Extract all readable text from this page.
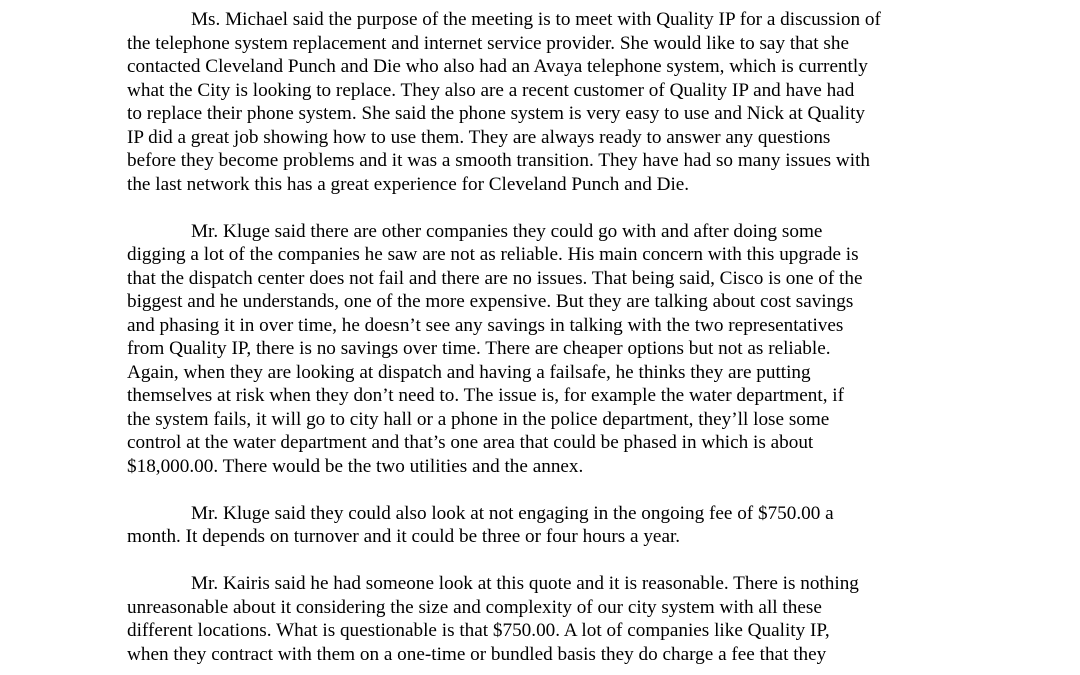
Ms. Michael said the purpose of the meeting is to meet with Quality IP for a discussion of
the telephone system replacement and internet service provider. She would like to say that she
contacted Cleveland Punch and Die who also had an Avaya telephone system, which is currently
what the City is looking to replace. They also are a recent customer of Quality IP and have had
to replace their phone system. She said the phone system is very easy to use and Nick at Quality
IP did a great job showing how to use them. They are always ready to answer any questions
before they become problems and it was a smooth transition. They have had so many issues with
the last network this has a great experience for Cleveland Punch and Die.
Mr. Kluge said there are other companies they could go with and after doing some
digging a lot of the companies he saw are not as reliable. His main concern with this upgrade is
that the dispatch center does not fail and there are no issues. That being said, Cisco is one of the
biggest and he understands, one of the more expensive. But they are talking about cost savings
and phasing it in over time, he doesn’t see any savings in talking with the two representatives
from Quality IP, there is no savings over time. There are cheaper options but not as reliable.
Again, when they are looking at dispatch and having a failsafe, he thinks they are putting
themselves at risk when they don’t need to. The issue is, for example the water department, if
the system fails, it will go to city hall or a phone in the police department, they’ll lose some
control at the water department and that’s one area that could be phased in which is about
$18,000.00. There would be the two utilities and the annex.
Mr. Kluge said they could also look at not engaging in the ongoing fee of $750.00 a
month. It depends on turnover and it could be three or four hours a year.
Mr. Kairis said he had someone look at this quote and it is reasonable. There is nothing
unreasonable about it considering the size and complexity of our city system with all these
different locations. What is questionable is that $750.00. A lot of companies like Quality IP,
when they contract with them on a one-time or bundled basis they do charge a fee that they
